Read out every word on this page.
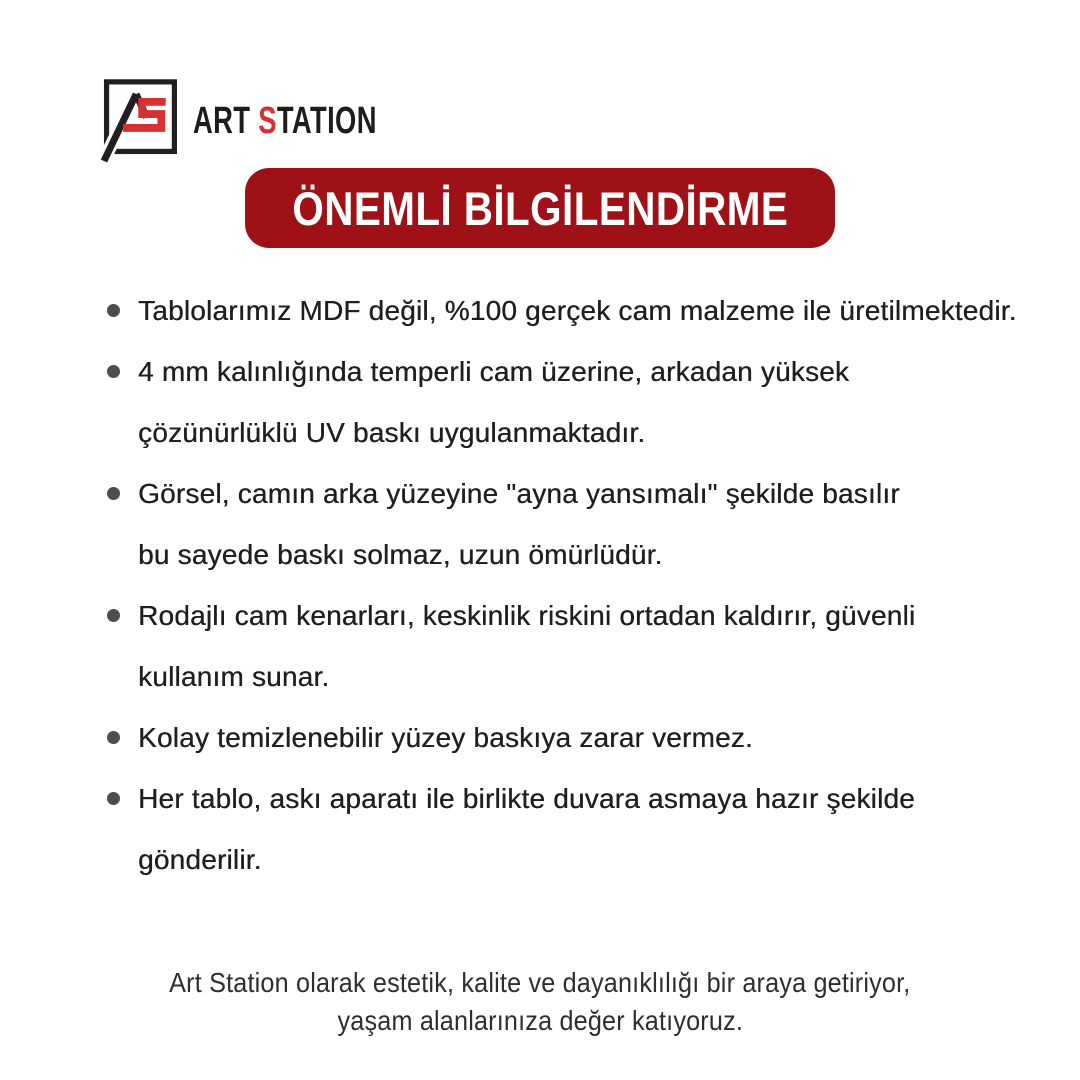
ART STATION
ÖNEMLİ BİLGİLENDİRME
Tablolarımız MDF değil, %100 gerçek cam malzeme ile üretilmektedir.
4 mm kalınlığında temperli cam üzerine, arkadan yüksek
çözünürlüklü UV baskı uygulanmaktadır.
Görsel, camın arka yüzeyine "ayna yansımalı" şekilde basılır
bu sayede baskı solmaz, uzun ömürlüdür.
Rodajlı cam kenarları, keskinlik riskini ortadan kaldırır, güvenli
kullanım sunar.
Kolay temizlenebilir yüzey baskıya zarar vermez.
Her tablo, askı aparatı ile birlikte duvara asmaya hazır şekilde
gönderilir.
Art Station olarak estetik, kalite ve dayanıklılığı bir araya getiriyor,
yaşam alanlarınıza değer katıyoruz.
